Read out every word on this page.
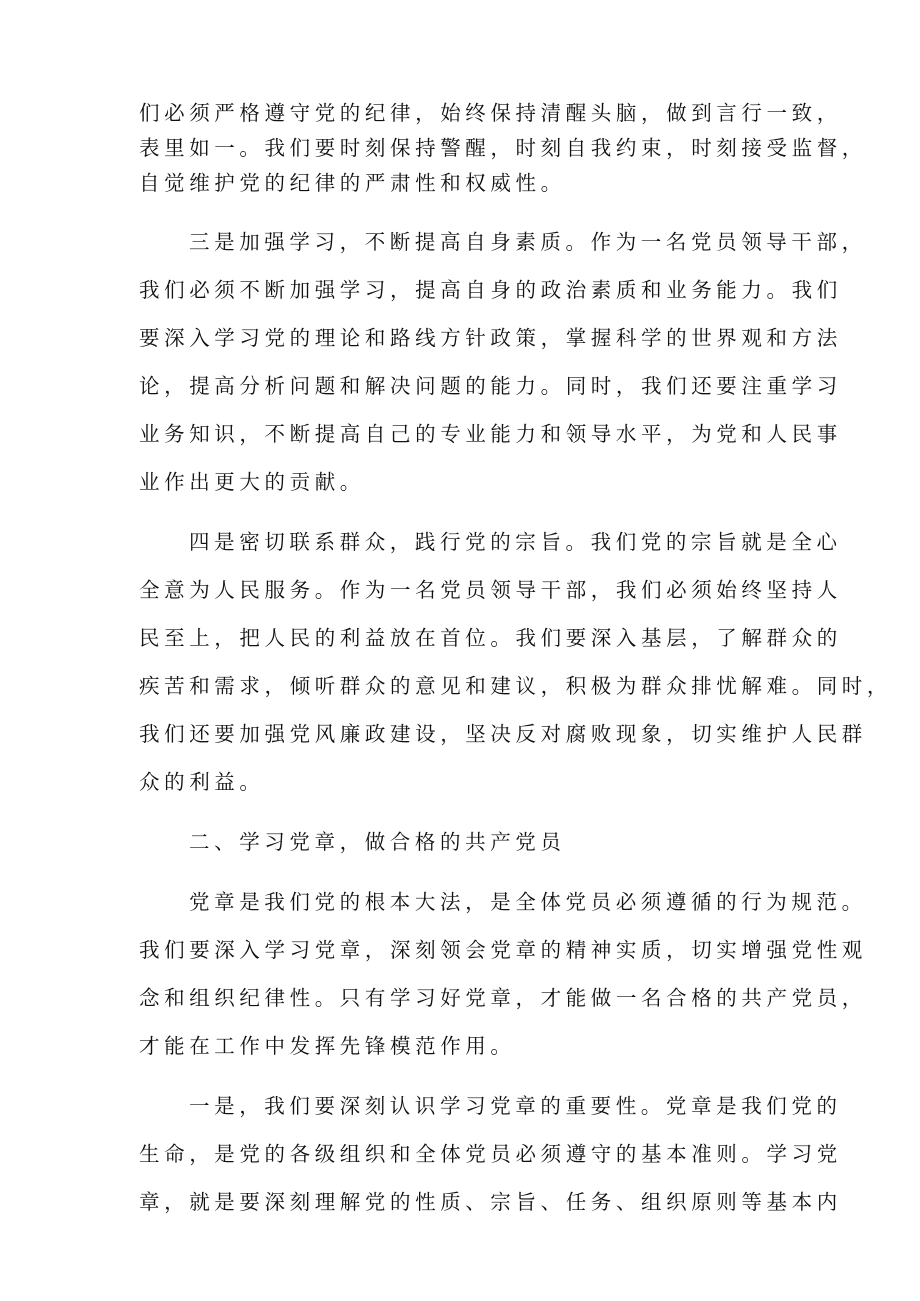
们必须严格遵守党的纪律，始终保持清醒头脑，做到言行一致，

表里如一。我们要时刻保持警醒，时刻自我约束，时刻接受监督，

自觉维护党的纪律的严肃性和权威性。

三是加强学习，不断提高自身素质。作为一名党员领导干部，

我们必须不断加强学习，提高自身的政治素质和业务能力。我们

要深入学习党的理论和路线方针政策，掌握科学的世界观和方法

论，提高分析问题和解决问题的能力。同时，我们还要注重学习

业务知识，不断提高自己的专业能力和领导水平，为党和人民事

业作出更大的贡献。

四是密切联系群众，践行党的宗旨。我们党的宗旨就是全心

全意为人民服务。作为一名党员领导干部，我们必须始终坚持人

民至上，把人民的利益放在首位。我们要深入基层，了解群众的

疾苦和需求，倾听群众的意见和建议，积极为群众排忧解难。同时，

我们还要加强党风廉政建设，坚决反对腐败现象，切实维护人民群

众的利益。

二、学习党章，做合格的共产党员

党章是我们党的根本大法，是全体党员必须遵循的行为规范。

我们要深入学习党章，深刻领会党章的精神实质，切实增强党性观

念和组织纪律性。只有学习好党章，才能做一名合格的共产党员，

才能在工作中发挥先锋模范作用。

一是，我们要深刻认识学习党章的重要性。党章是我们党的

生命，是党的各级组织和全体党员必须遵守的基本准则。学习党

章，就是要深刻理解党的性质、宗旨、任务、组织原则等基本内
